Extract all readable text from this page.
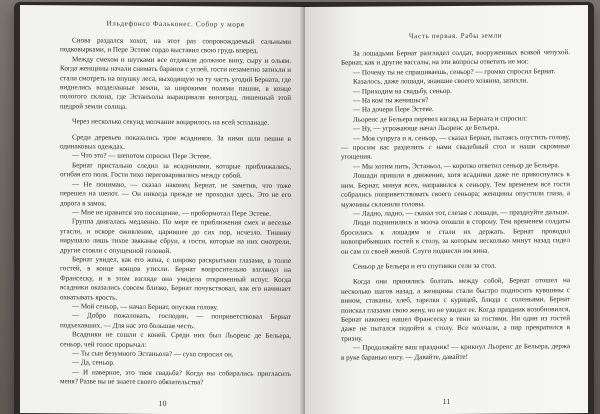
Ильдефонсо Фальконес. Собор у моря

Снова раздался хохот, на этот раз сопровождаемый сальными подковырками, и Пере Эстеве гордо выставил свою грудь вперед.

Между смехом и шутками все отдавали должное вину, сыру и ольям. Когда женщины начали снимать баранов с углей, гости незаметно затихли и стали смотреть на опушку леса, выходящую на ту часть угодий Берната, где виднелись возделанные земли, за широкими полями пашни, в конце пологого склона, где Эстанъолы выращивали виноград, лишенный этой щедрой земли солнца.

Через несколько секунд молчание воцарилось на всей эспланаде.

Среди деревьев показались трое всадников. За ними шли пешие в одинаковых одеждах.

— Что это? — шепотом спросил Пере Эстеве.

Бернат пристально следил за всадниками, которые приближались, огибая его поля. Гости тихо переговаривались между собой.

— Не понимаю, — сказал наконец Бернат, не заметив, что тоже перешел на шепот. — Он никогда прежде не проходил здесь. Это не его дорога в замок.

— Мне не нравится это посещение, — пробормотал Пере Эстеве.

Группа двигалась медленно. По мере ее приближения смех и веселье угасли, и вскоре оживление, царившее до сих пор, исчезло. Тишину нарушало лишь тихое звяканье сбруи, а гости, которые на них смотрели, другие стояли с опущенной головой.

Бернат увидел, как его жена, с широко раскрытыми глазами, в толпе гостей, в конце концов утихли. Бернат вопросительно взглянул на Франсеску, и в этом взгляде она увидела откровенный испуг. Когда всадники оказались совсем близко, Бернат почувствовал, как его начинает охватывать ярость.

— Мой сеньор, — начал Бернат, опуская голову.

— Добро пожаловать, господин, — поприветствовал Бернат подъехавших. — Для нас это большая честь.

Всадники не сошли с коней. Среди них был Льоренс де Бельера, сеньор, чей голос прорычал:

— Ты сын безумного Эстаньола? — сухо спросил он.

— Да, сеньор.

— И наверное, это твоя свадьба? Когда вы собирались пригласить меня? Разве вы не знаете своего обязательства?

10
Часть первая. Рабы земли

За лошадьми Бернат разглядел солдат, вооруженных всякой чепухой. Бернат, как и другие вассалы, на эти вопросы ответить не мог.

— Почему ты не спрашиваешь, сеньор? — громко спросил Бернат.

Казалось, даже лошади, знавшие своего хозяина, затихли.

— Приходим на свадьбу, сеньор.

— На ком ты женишься?

— На дочери Пере Эстеве.

Льоренс де Бельера перевел взгляд на Берната и спросил:

— Ну, — угрожающе начал Льоренс де Бельера.

— Моя супруга и я, сеньор, — сказал Бернат, пытаясь опустить голову, — просим вас разделить с нами свадебный стол и наши скромные угощения.

— Мы хотим пить, Эстаньол, — коротко ответил сеньор де Бельера.

Лошади пришли в движение, хотя всадники даже не прикоснулись к ним. Бернат, минуя всех, направился к сеньору. Тем временем все гости собрались поприветствовать своего сеньора; женщины опустили глаза, а мужчины склонили головы.

— Ладно, ладно, — сказал тот, слезая с лошади, — празднуйте дальше.

Люди подчинились и молча отошли в сторону. Тем временем солдаты бросились к лошадям и стали их держать. Бернат проводил новоприбывших гостей к столу, за которым несколько минут назад сидел он сам со своей женой. Слуги поднесли им вина.

Сеньор де Бельера и его спутники сели за стол.

Когда они принялись болтать между собой, Бернат отошел на несколько шагов назад, а женщины стали быстро подносить кувшины с вином, стаканы, хлеб, тарелки с курицей, блюда с соленьями. Бернат поискал глазами свою жену, но не увидел ее. Когда праздник возобновился, Бернат наконец нашел Франсеску в тени за гостями. Ни один из гостей даже не пытался подойти к столу. Все молчали, а пир превратился в тризну.

— Продолжайте ваш праздник! — крикнул Льоренс де Бельера, держа в руке баранью ногу. — Давайте, давайте!

11
